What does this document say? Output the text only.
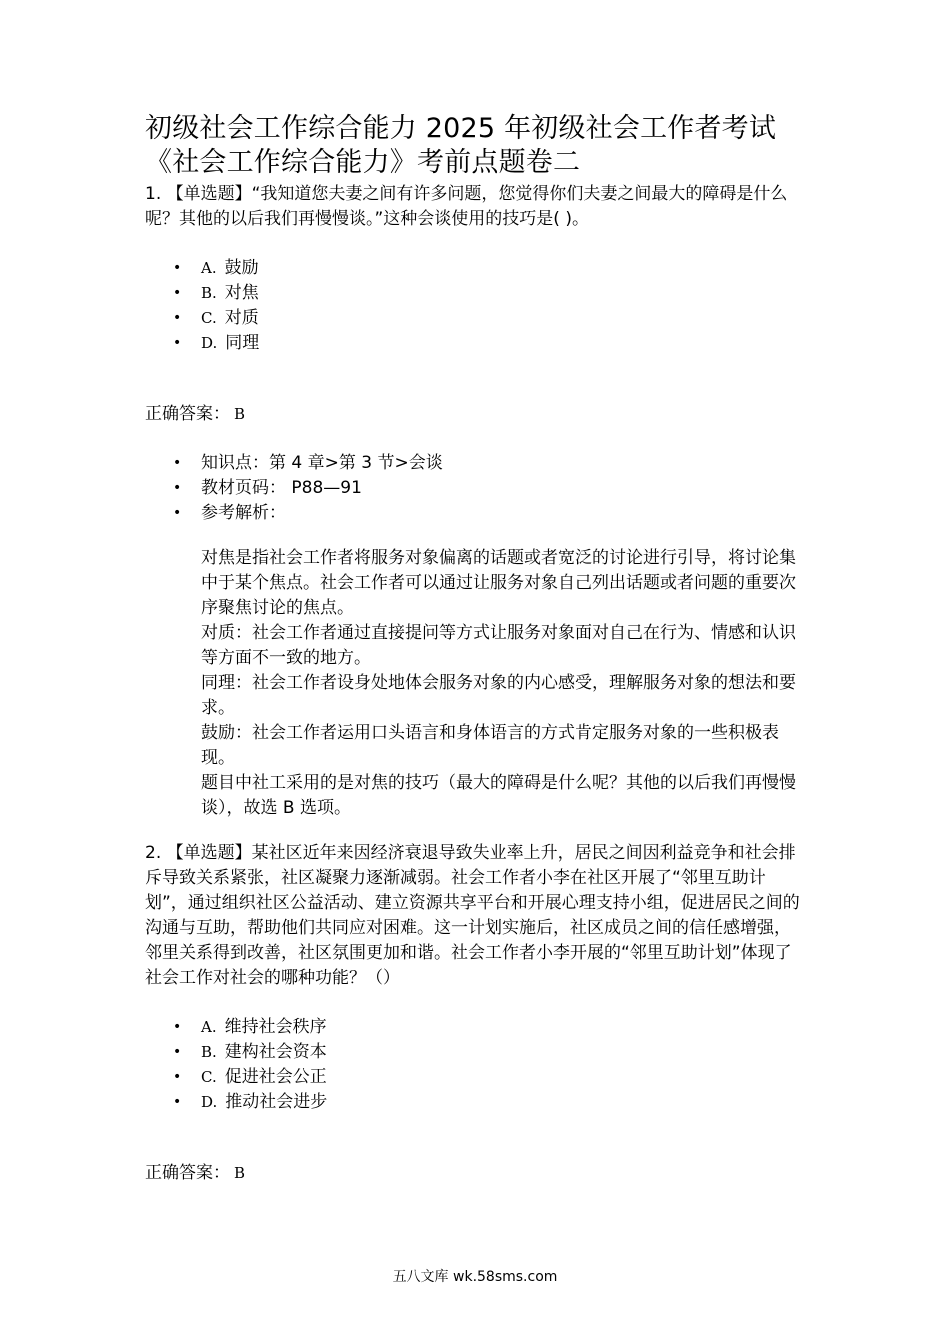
初级社会工作综合能力 2025 年初级社会工作者考试《社会工作综合能力》考前点题卷二
1. 【单选题】“我知道您夫妻之间有许多问题，您觉得你们夫妻之间最大的障碍是什么呢？其他的以后我们再慢慢谈。”这种会谈使用的技巧是( )。
• A. 鼓励
• B. 对焦
• C. 对质
• D. 同理
正确答案： B
• 知识点：第 4 章>第 3 节>会谈
• 教材页码： P88—91
• 参考解析：

对焦是指社会工作者将服务对象偏离的话题或者宽泛的讨论进行引导，将讨论集中于某个焦点。社会工作者可以通过让服务对象自己列出话题或者问题的重要次序聚焦讨论的焦点。

对质：社会工作者通过直接提问等方式让服务对象面对自己在行为、情感和认识等方面不一致的地方。

同理：社会工作者设身处地体会服务对象的内心感受，理解服务对象的想法和要求。

鼓励：社会工作者运用口头语言和身体语言的方式肯定服务对象的一些积极表现。

题目中社工采用的是对焦的技巧（最大的障碍是什么呢？其他的以后我们再慢慢谈），故选 B 选项。

2. 【单选题】某社区近年来因经济衰退导致失业率上升，居民之间因利益竞争和社会排斥导致关系紧张，社区凝聚力逐渐减弱。社会工作者小李在社区开展了“邻里互助计划”，通过组织社区公益活动、建立资源共享平台和开展心理支持小组，促进居民之间的沟通与互助，帮助他们共同应对困难。这一计划实施后，社区成员之间的信任感增强，邻里关系得到改善，社区氛围更加和谐。社会工作者小李开展的“邻里互助计划”体现了社会工作对社会的哪种功能？（）
• A. 维持社会秩序
• B. 建构社会资本
• C. 促进社会公正
• D. 推动社会进步
正确答案： B
五八文库 wk.58sms.com
